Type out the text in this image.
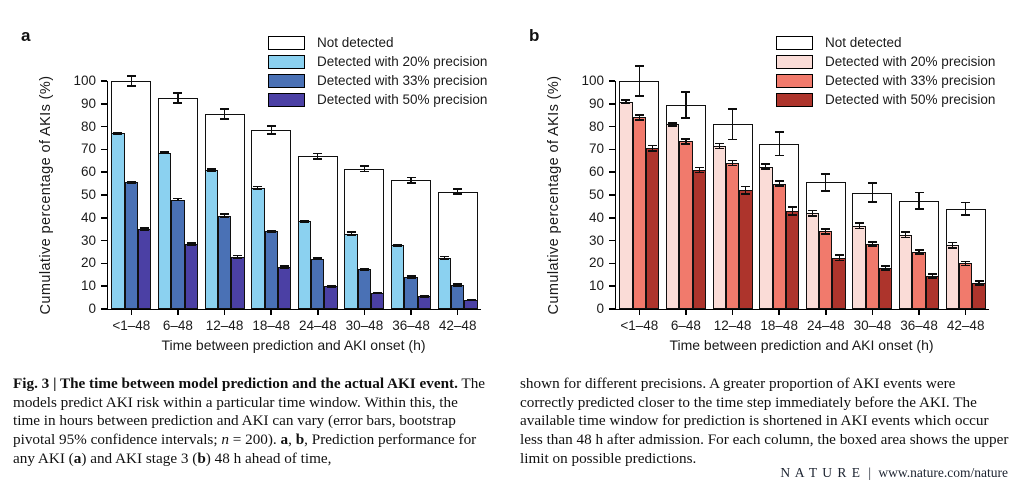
a	Not detected
Detected with 20% precision
Detected with 33% precision
Detected with 50% precision
Cumulative percentage of AKIs (%)	0
10
20
30
40
50
60
70
80
90
100
<1–48 6–48 12–48 18–48 24–48 30–48 36–48 42–48
Time between prediction and AKI onset (h)
b	Not detected
Detected with 20% precision
Detected with 33% precision
Detected with 50% precision
Cumulative percentage of AKIs (%)	0
10
20
30
40
50
60
70
80
90
100
<1–48 6–48 12–48 18–48 24–48 30–48 36–48 42–48
Time between prediction and AKI onset (h)

Fig. 3 | The time between model prediction and the actual AKI event. The models predict AKI risk within a particular time window. Within this, the time in hours between prediction and AKI can vary (error bars, bootstrap pivotal 95% confidence intervals; n = 200). a, b, Prediction performance for any AKI (a) and AKI stage 3 (b) 48 h ahead of time,

shown for different precisions. A greater proportion of AKI events were correctly predicted closer to the time step immediately before the AKI. The available time window for prediction is shortened in AKI events which occur less than 48 h after admission. For each column, the boxed area shows the upper limit on possible predictions.

N A T U R E | www.nature.com/nature
